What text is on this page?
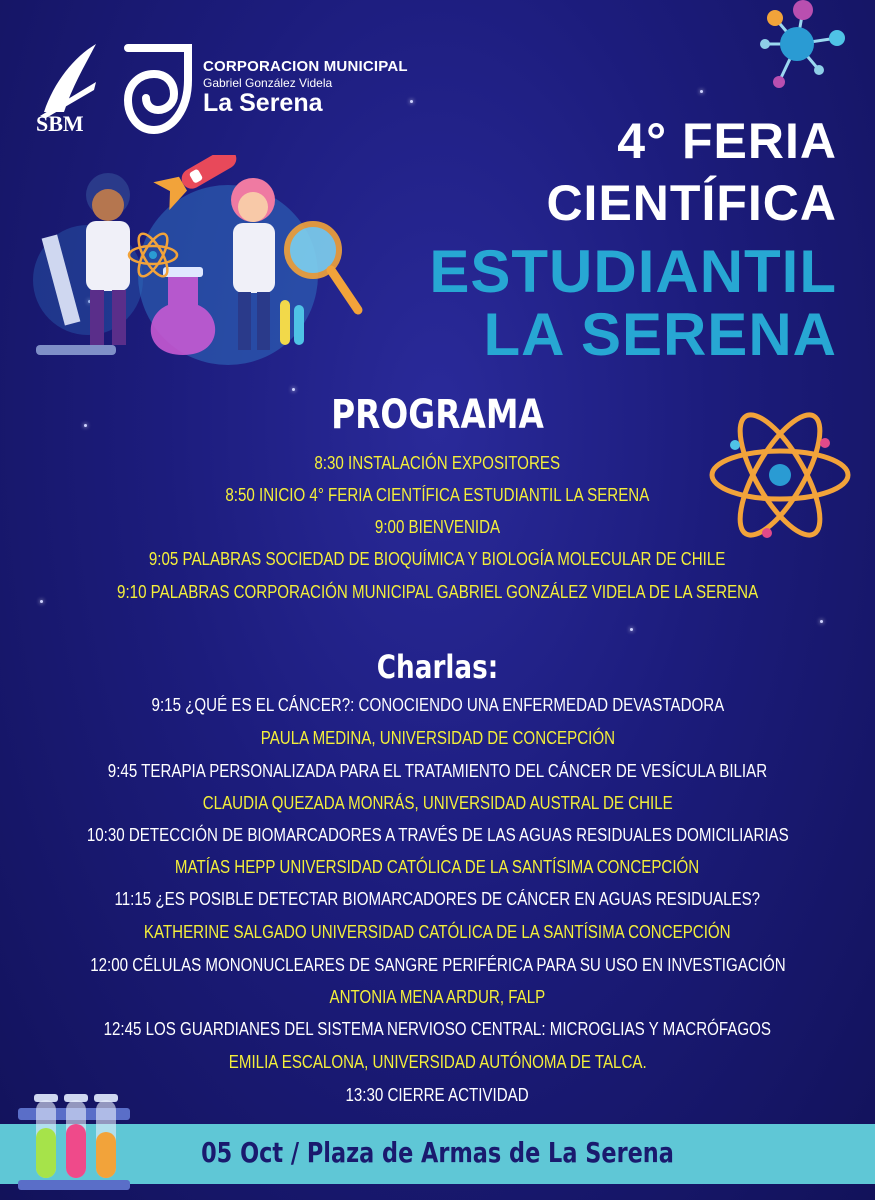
SBM
CORPORACION MUNICIPAL
Gabriel González Videla
La Serena
4° FERIA
CIENTÍFICA
ESTUDIANTIL
LA SERENA
PROGRAMA
8:30 INSTALACIÓN EXPOSITORES
8:50 INICIO 4° FERIA CIENTÍFICA ESTUDIANTIL LA SERENA
9:00 BIENVENIDA
9:05 PALABRAS SOCIEDAD DE BIOQUÍMICA Y BIOLOGÍA MOLECULAR DE CHILE
9:10 PALABRAS CORPORACIÓN MUNICIPAL GABRIEL GONZÁLEZ VIDELA DE LA SERENA
Charlas:
9:15 ¿QUÉ ES EL CÁNCER?: CONOCIENDO UNA ENFERMEDAD DEVASTADORA
PAULA MEDINA, UNIVERSIDAD DE CONCEPCIÓN
9:45 TERAPIA PERSONALIZADA PARA EL TRATAMIENTO DEL CÁNCER DE VESÍCULA BILIAR
CLAUDIA QUEZADA MONRÁS, UNIVERSIDAD AUSTRAL DE CHILE
10:30 DETECCIÓN DE BIOMARCADORES A TRAVÉS DE LAS AGUAS RESIDUALES DOMICILIARIAS
MATÍAS HEPP UNIVERSIDAD CATÓLICA DE LA SANTÍSIMA CONCEPCIÓN
11:15 ¿ES POSIBLE DETECTAR BIOMARCADORES DE CÁNCER EN AGUAS RESIDUALES?
KATHERINE SALGADO UNIVERSIDAD CATÓLICA DE LA SANTÍSIMA CONCEPCIÓN
12:00 CÉLULAS MONONUCLEARES DE SANGRE PERIFÉRICA PARA SU USO EN INVESTIGACIÓN
ANTONIA MENA ARDUR, FALP
12:45 LOS GUARDIANES DEL SISTEMA NERVIOSO CENTRAL: MICROGLIAS Y MACRÓFAGOS
EMILIA ESCALONA, UNIVERSIDAD AUTÓNOMA DE TALCA.
13:30 CIERRE ACTIVIDAD
05 Oct / Plaza de Armas de La Serena
